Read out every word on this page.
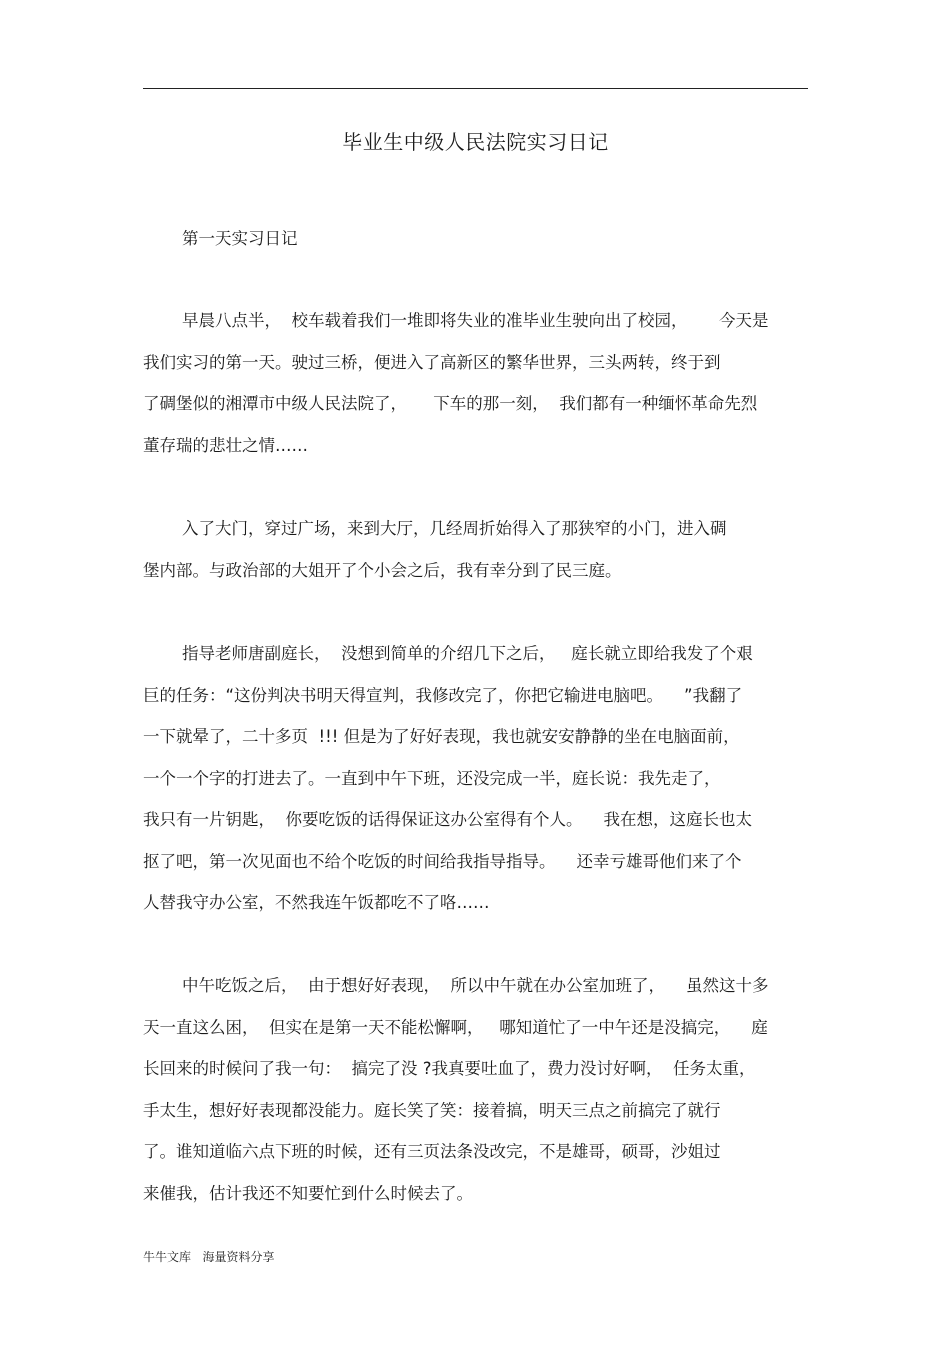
毕业生中级人民法院实习日记
第一天实习日记
早晨八点半，  校车载着我们一堆即将失业的准毕业生驶向出了校园，      今天是
我们实习的第一天。驶过三桥，便进入了高新区的繁华世界，三头两转，终于到
了碉堡似的湘潭市中级人民法院了，     下车的那一刻，  我们都有一种缅怀革命先烈
董存瑞的悲壮之情……
入了大门，穿过广场，来到大厅，几经周折始得入了那狭窄的小门，进入碉
堡内部。与政治部的大姐开了个小会之后，我有幸分到了民三庭。
指导老师唐副庭长，  没想到简单的介绍几下之后，   庭长就立即给我发了个艰
巨的任务：“这份判决书明天得宣判，我修改完了，你把它输进电脑吧。    ”我翻了
一下就晕了，二十多页  !!! 但是为了好好表现，我也就安安静静的坐在电脑面前，
一个一个字的打进去了。一直到中午下班，还没完成一半，庭长说：我先走了，
我只有一片钥匙，  你要吃饭的话得保证这办公室得有个人。    我在想，这庭长也太
抠了吧，第一次见面也不给个吃饭的时间给我指导指导。    还幸亏雄哥他们来了个
人替我守办公室，不然我连午饭都吃不了咯……
中午吃饭之后，  由于想好好表现，  所以中午就在办公室加班了，    虽然这十多
天一直这么困，  但实在是第一天不能松懈啊，   哪知道忙了一中午还是没搞完，    庭
长回来的时候问了我一句：  搞完了没 ?我真要吐血了，费力没讨好啊，  任务太重，
手太生，想好好表现都没能力。庭长笑了笑：接着搞，明天三点之前搞完了就行
了。谁知道临六点下班的时候，还有三页法条没改完，不是雄哥，硕哥，沙姐过
来催我，估计我还不知要忙到什么时候去了。
牛牛文库   海量资料分享
